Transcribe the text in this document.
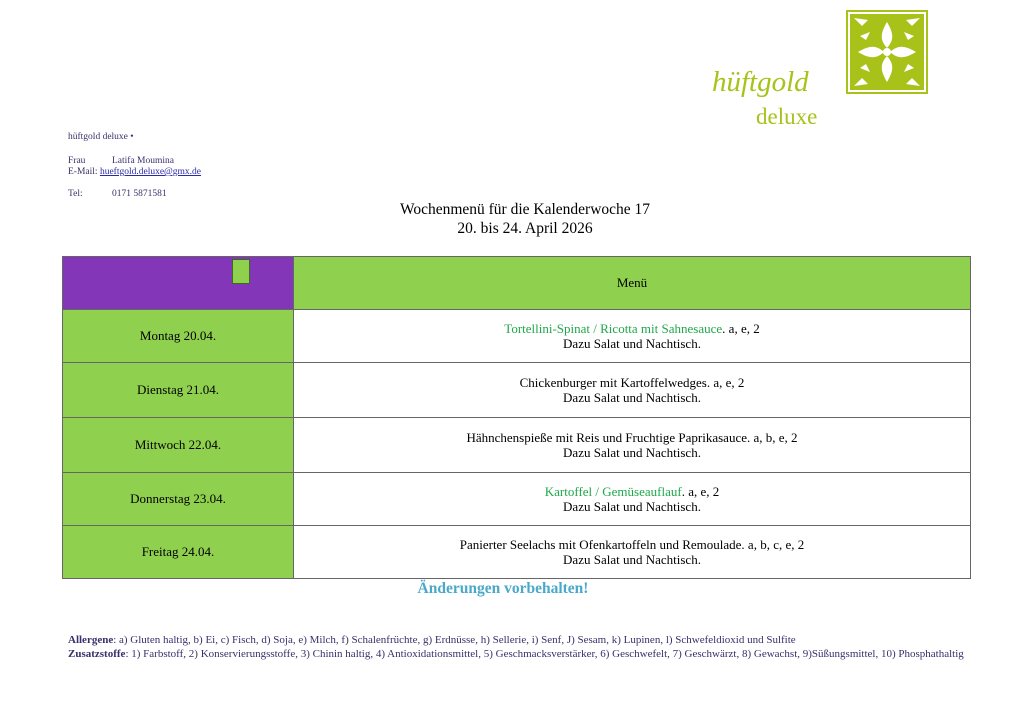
hüftgold
deluxe
hüftgold deluxe •
Frau	Latifa Moumina
E-Mail: hueftgold.deluxe@gmx.de
Tel:	0171 5871581
Wochenmenü für die Kalenderwoche 17
20. bis 24. April 2026
	Menü
Montag 20.04.	Tortellini-Spinat / Ricotta mit Sahnesauce. a, e, 2
Dazu Salat und Nachtisch.
Dienstag 21.04.	Chickenburger mit Kartoffelwedges. a, e, 2
Dazu Salat und Nachtisch.
Mittwoch 22.04.	Hähnchenspieße mit Reis und Fruchtige Paprikasauce. a, b, e, 2
Dazu Salat und Nachtisch.
Donnerstag 23.04.	Kartoffel / Gemüseauflauf. a, e, 2
Dazu Salat und Nachtisch.
Freitag 24.04.	Panierter Seelachs mit Ofenkartoffeln und Remoulade. a, b, c, e, 2
Dazu Salat und Nachtisch.
Änderungen vorbehalten!
Allergene: a) Gluten haltig, b) Ei, c) Fisch, d) Soja, e) Milch, f) Schalenfrüchte, g) Erdnüsse, h) Sellerie, i) Senf, J) Sesam, k) Lupinen, l) Schwefeldioxid und Sulfite
Zusatzstoffe: 1) Farbstoff, 2) Konservierungsstoffe, 3) Chinin haltig, 4) Antioxidationsmittel, 5) Geschmacksverstärker, 6) Geschwefelt, 7) Geschwärzt, 8) Gewachst, 9)Süßungsmittel, 10) Phosphathaltig
